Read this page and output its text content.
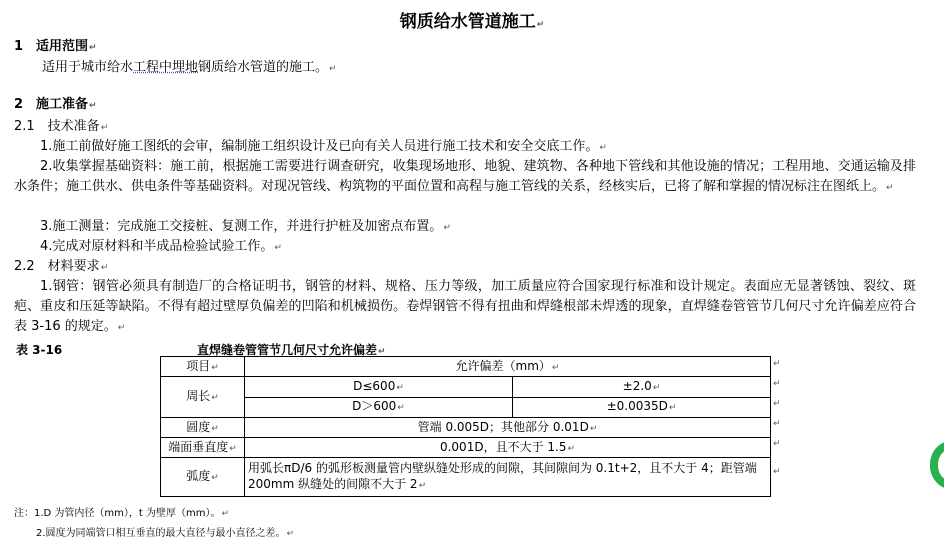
钢质给水管道施工↵
1 适用范围↵
适用于城市给水工程中埋地钢质给水管道的施工。↵
2 施工准备↵
2.1　技术准备↵
1.施工前做好施工图纸的会审，编制施工组织设计及已向有关人员进行施工技术和安全交底工作。↵
2.收集掌握基础资料：施工前，根据施工需要进行调查研究，收集现场地形、地貌、建筑物、各种地下管线和其他设施的情况；工程用地、交通运输及排水条件；施工供水、供电条件等基础资料。对现况管线、构筑物的平面位置和高程与施工管线的关系，经核实后，已将了解和掌握的情况标注在图纸上。↵
3.施工测量：完成施工交接桩、复测工作，并进行护桩及加密点布置。↵
4.完成对原材料和半成品检验试验工作。↵
2.2　材料要求↵
1.钢管：钢管必须具有制造厂的合格证明书，钢管的材料、规格、压力等级，加工质量应符合国家现行标准和设计规定。表面应无显著锈蚀、裂纹、斑疤、重皮和压延等缺陷。不得有超过壁厚负偏差的凹陷和机械损伤。卷焊钢管不得有扭曲和焊缝根部未焊透的现象，直焊缝卷管管节几何尺寸允许偏差应符合表 3-16 的规定。↵
表 3-16	直焊缝卷管管节几何尺寸允许偏差↵
项目↵	允许偏差（mm）↵	
周长↵	D≤600↵	±2.0↵
	D＞600↵	±0.0035D↵
圆度↵	管端 0.005D；其他部分 0.01D↵	
端面垂直度↵	0.001D，且不大于 1.5↵	
弧度↵	用弧长πD/6 的弧形板测量管内壁纵缝处形成的间隙，其间隙间为 0.1t+2，且不大于 4；距管端 200mm 纵缝处的间隙不大于 2↵	
↵
↵
↵
↵
↵
↵
注：1.D 为管内径（mm），t 为壁厚（mm）。↵
2.圆度为同端管口相互垂直的最大直径与最小直径之差。↵
